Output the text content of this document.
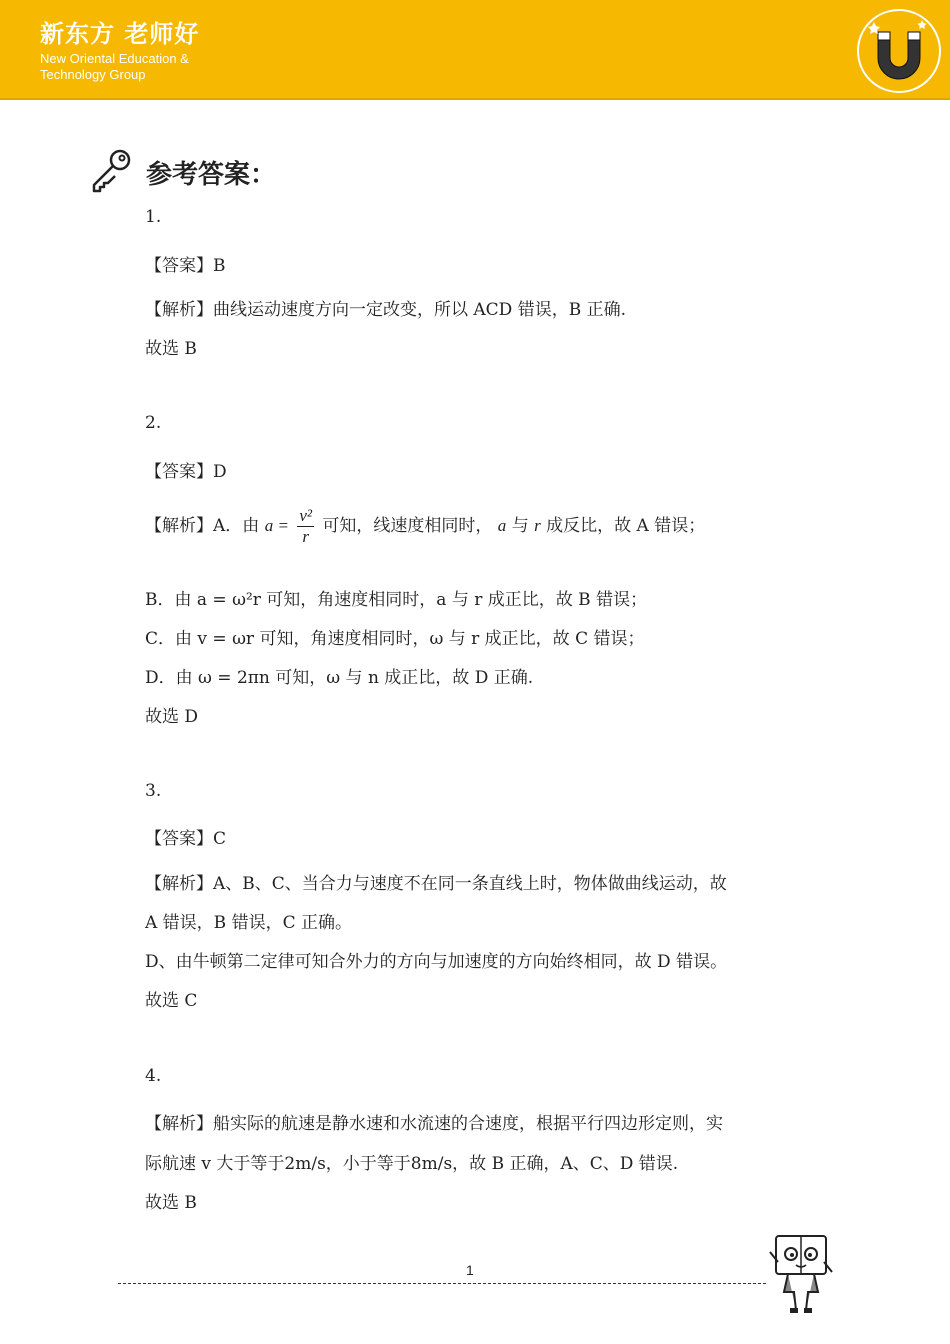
新东方 老师好
New Oriental Education &
Technology Group
参考答案：
1.
【答案】B
【解析】曲线运动速度方向一定改变，所以 ACD 错误，B 正确.
故选 B
2.
【答案】D
【解析】A．由 $a = \frac{\text{v²}}{r}$ 可知，线速度相同时， a 与 r 成反比，故 A 错误；
B．由 a = ω²r 可知，角速度相同时，a 与 r 成正比，故 B 错误；
C．由 v = ωr 可知，角速度相同时，ω 与 r 成正比，故 C 错误；
D．由 ω = 2πn 可知，ω 与 n 成正比，故 D 正确.
故选 D
3.
【答案】C
【解析】A、B、C、当合力与速度不在同一条直线上时，物体做曲线运动，故
A 错误，B 错误，C 正确。
D、由牛顿第二定律可知合外力的方向与加速度的方向始终相同，故 D 错误。
故选 C
4.
【解析】船实际的航速是静水速和水流速的合速度，根据平行四边形定则，实
际航速 v 大于等于2m/s，小于等于8m/s，故 B 正确，A、C、D 错误.
故选 B
1
